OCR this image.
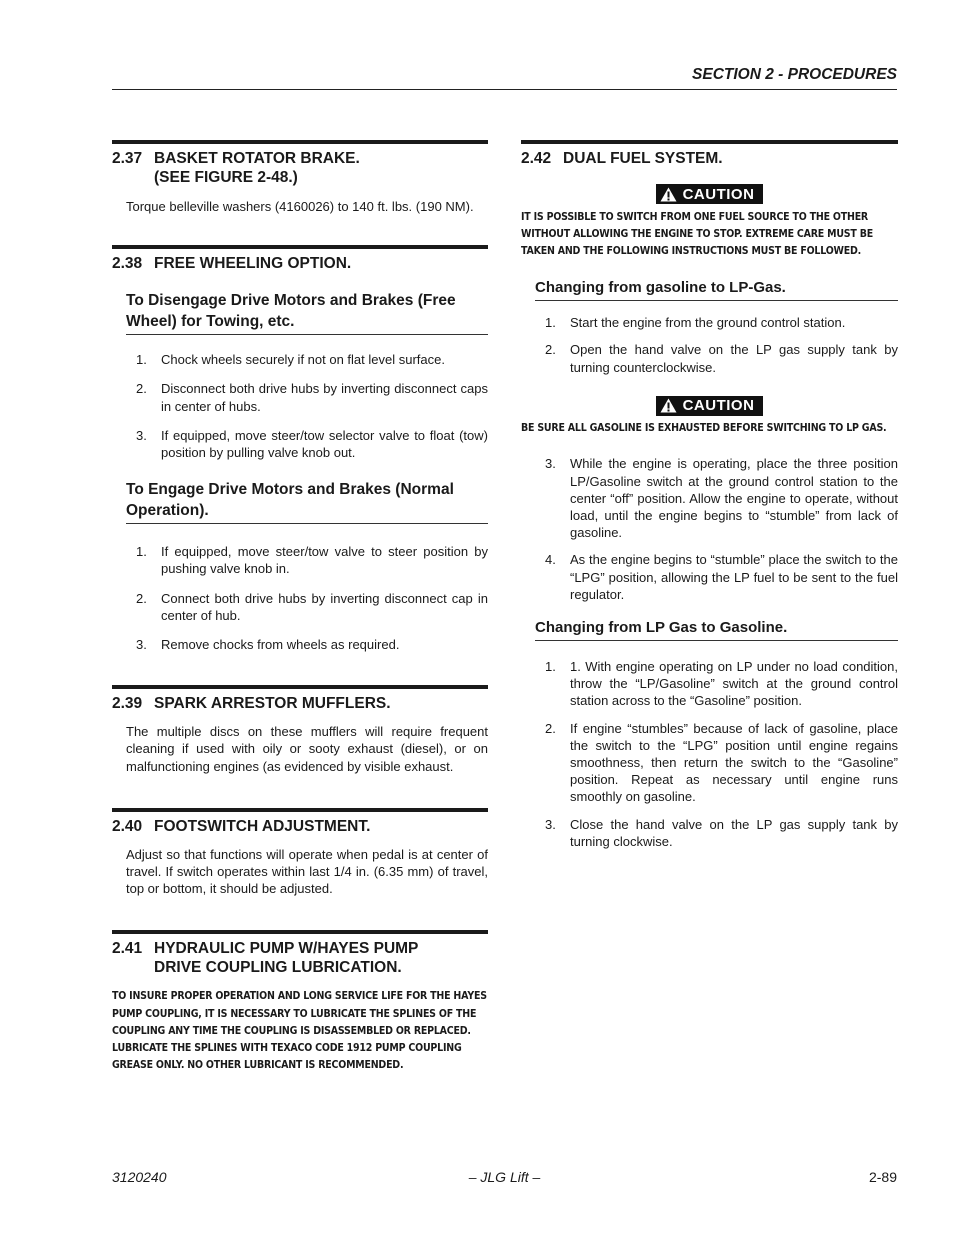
SECTION 2 - PROCEDURES
2.37 BASKET ROTATOR BRAKE.
(SEE FIGURE 2-48.)

Torque belleville washers (4160026) to 140 ft. lbs. (190 NM).

2.38 FREE WHEELING OPTION.
To Disengage Drive Motors and Brakes (Free Wheel) for Towing, etc.
1.	Chock wheels securely if not on flat level surface.
2.	Disconnect both drive hubs by inverting disconnect caps in center of hubs.
3.	If equipped, move steer/tow selector valve to float (tow) position by pulling valve knob out.
To Engage Drive Motors and Brakes (Normal Operation).
1.	If equipped, move steer/tow valve to steer position by pushing valve knob in.
2.	Connect both drive hubs by inverting disconnect cap in center of hub.
3.	Remove chocks from wheels as required.
2.39 SPARK ARRESTOR MUFFLERS.

The multiple discs on these mufflers will require frequent cleaning if used with oily or sooty exhaust (diesel), or on malfunctioning engines (as evidenced by visible exhaust.

2.40 FOOTSWITCH ADJUSTMENT.

Adjust so that functions will operate when pedal is at center of travel. If switch operates within last 1/4 in. (6.35 mm) of travel, top or bottom, it should be adjusted.

2.41 HYDRAULIC PUMP W/HAYES PUMP
DRIVE COUPLING LUBRICATION.

TO INSURE PROPER OPERATION AND LONG SERVICE LIFE FOR THE HAYES PUMP COUPLING, IT IS NECESSARY TO LUBRICATE THE SPLINES OF THE COUPLING ANY TIME THE COUPLING IS DISASSEMBLED OR REPLACED. LUBRICATE THE SPLINES WITH TEXACO CODE 1912 PUMP COUPLING GREASE ONLY. NO OTHER LUBRICANT IS RECOMMENDED.

2.42 DUAL FUEL SYSTEM.
CAUTION

IT IS POSSIBLE TO SWITCH FROM ONE FUEL SOURCE TO THE OTHER WITHOUT ALLOWING THE ENGINE TO STOP. EXTREME CARE MUST BE TAKEN AND THE FOLLOWING INSTRUCTIONS MUST BE FOLLOWED.

Changing from gasoline to LP-Gas.
1.	Start the engine from the ground control station.
2.	Open the hand valve on the LP gas supply tank by turning counterclockwise.
CAUTION

BE SURE ALL GASOLINE IS EXHAUSTED BEFORE SWITCHING TO LP GAS.

3.	While the engine is operating, place the three position LP/Gasoline switch at the ground control station to the center “off” position. Allow the engine to operate, without load, until the engine begins to “stumble” from lack of gasoline.
4.	As the engine begins to “stumble” place the switch to the “LPG” position, allowing the LP fuel to be sent to the fuel regulator.
Changing from LP Gas to Gasoline.
1.	1. With engine operating on LP under no load condition, throw the “LP/Gasoline” switch at the ground control station across to the “Gasoline” position.
2.	If engine “stumbles” because of lack of gasoline, place the switch to the “LPG” position until engine regains smoothness, then return the switch to the “Gasoline” position. Repeat as necessary until engine runs smoothly on gasoline.
3.	Close the hand valve on the LP gas supply tank by turning clockwise.
3120240	– JLG Lift –	2-89
